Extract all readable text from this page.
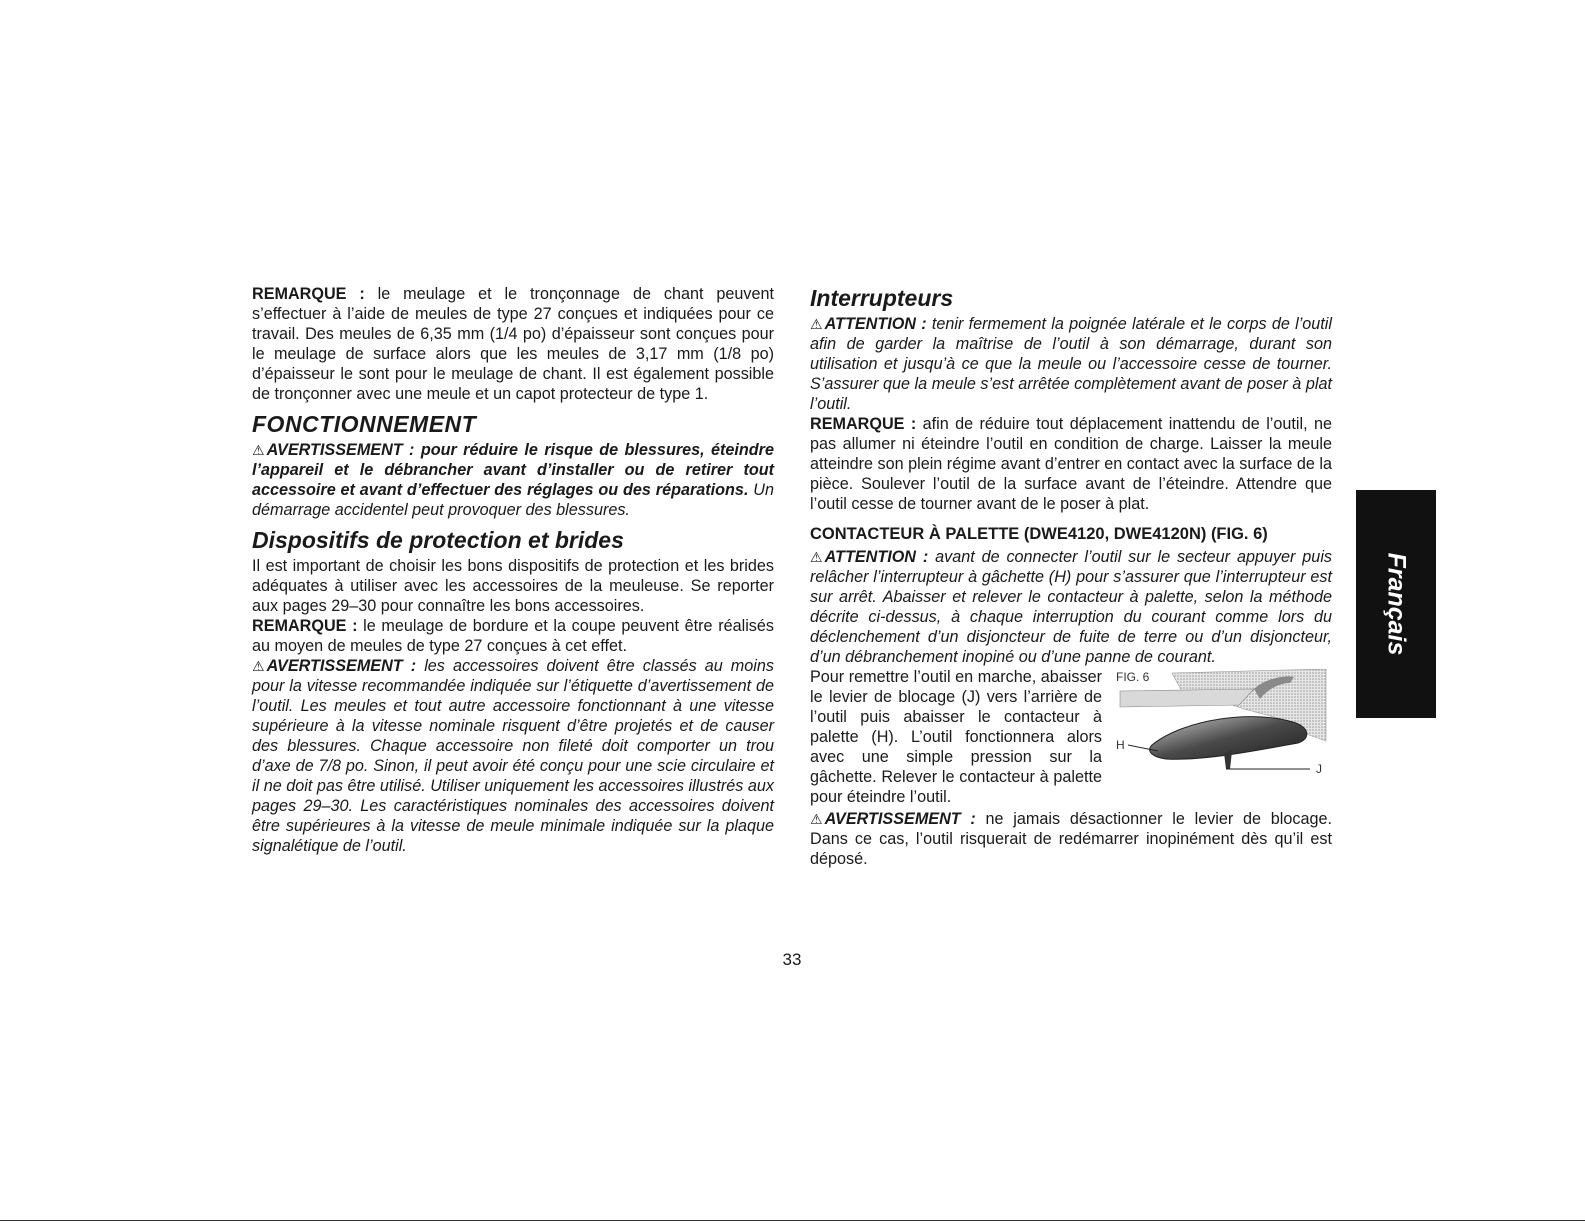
REMARQUE : le meulage et le tronçonnage de chant peuvent s’effectuer à l’aide de meules de type 27 conçues et indiquées pour ce travail. Des meules de 6,35 mm (1/4 po) d’épaisseur sont conçues pour le meulage de surface alors que les meules de 3,17 mm (1/8 po) d’épaisseur le sont pour le meulage de chant. Il est également possible de tronçonner avec une meule et un capot protecteur de type 1.

FONCTIONNEMENT

⚠ AVERTISSEMENT : pour réduire le risque de blessures, éteindre l’appareil et le débrancher avant d’installer ou de retirer tout accessoire et avant d’effectuer des réglages ou des réparations. Un démarrage accidentel peut provoquer des blessures.

Dispositifs de protection et brides

Il est important de choisir les bons dispositifs de protection et les brides adéquates à utiliser avec les accessoires de la meuleuse. Se reporter aux pages 29–30 pour connaître les bons accessoires.

REMARQUE : le meulage de bordure et la coupe peuvent être réalisés au moyen de meules de type 27 conçues à cet effet.

⚠ AVERTISSEMENT : les accessoires doivent être classés au moins pour la vitesse recommandée indiquée sur l’étiquette d’avertissement de l’outil. Les meules et tout autre accessoire fonctionnant à une vitesse supérieure à la vitesse nominale risquent d’être projetés et de causer des blessures. Chaque accessoire non fileté doit comporter un trou d’axe de 7/8 po. Sinon, il peut avoir été conçu pour une scie circulaire et il ne doit pas être utilisé. Utiliser uniquement les accessoires illustrés aux pages 29–30. Les caractéristiques nominales des accessoires doivent être supérieures à la vitesse de meule minimale indiquée sur la plaque signalétique de l’outil.

Interrupteurs

⚠ ATTENTION : tenir fermement la poignée latérale et le corps de l’outil afin de garder la maîtrise de l’outil à son démarrage, durant son utilisation et jusqu’à ce que la meule ou l’accessoire cesse de tourner. S’assurer que la meule s’est arrêtée complètement avant de poser à plat l’outil.

REMARQUE : afin de réduire tout déplacement inattendu de l’outil, ne pas allumer ni éteindre l’outil en condition de charge. Laisser la meule atteindre son plein régime avant d’entrer en contact avec la surface de la pièce. Soulever l’outil de la surface avant de l’éteindre. Attendre que l’outil cesse de tourner avant de le poser à plat.

CONTACTEUR À PALETTE (DWE4120, DWE4120N) (FIG. 6)

⚠ ATTENTION : avant de connecter l’outil sur le secteur appuyer puis relâcher l’interrupteur à gâchette (H) pour s’assurer que l’interrupteur est sur arrêt. Abaisser et relever le contacteur à palette, selon la méthode décrite ci-dessus, à chaque interruption du courant comme lors du déclenchement d’un disjoncteur de fuite de terre ou d’un disjoncteur, d’un débranchement inopiné ou d’une panne de courant.

Pour remettre l’outil en marche, abaisser le levier de blocage (J) vers l’arrière de l’outil puis abaisser le contacteur à palette (H). L’outil fonctionnera alors avec une simple pression sur la gâchette. Relever le contacteur à palette pour éteindre l’outil.

FIG. 6
H
J

⚠ AVERTISSEMENT : ne jamais désactionner le levier de blocage. Dans ce cas, l’outil risquerait de redémarrer inopinément dès qu’il est déposé.

Français
33
